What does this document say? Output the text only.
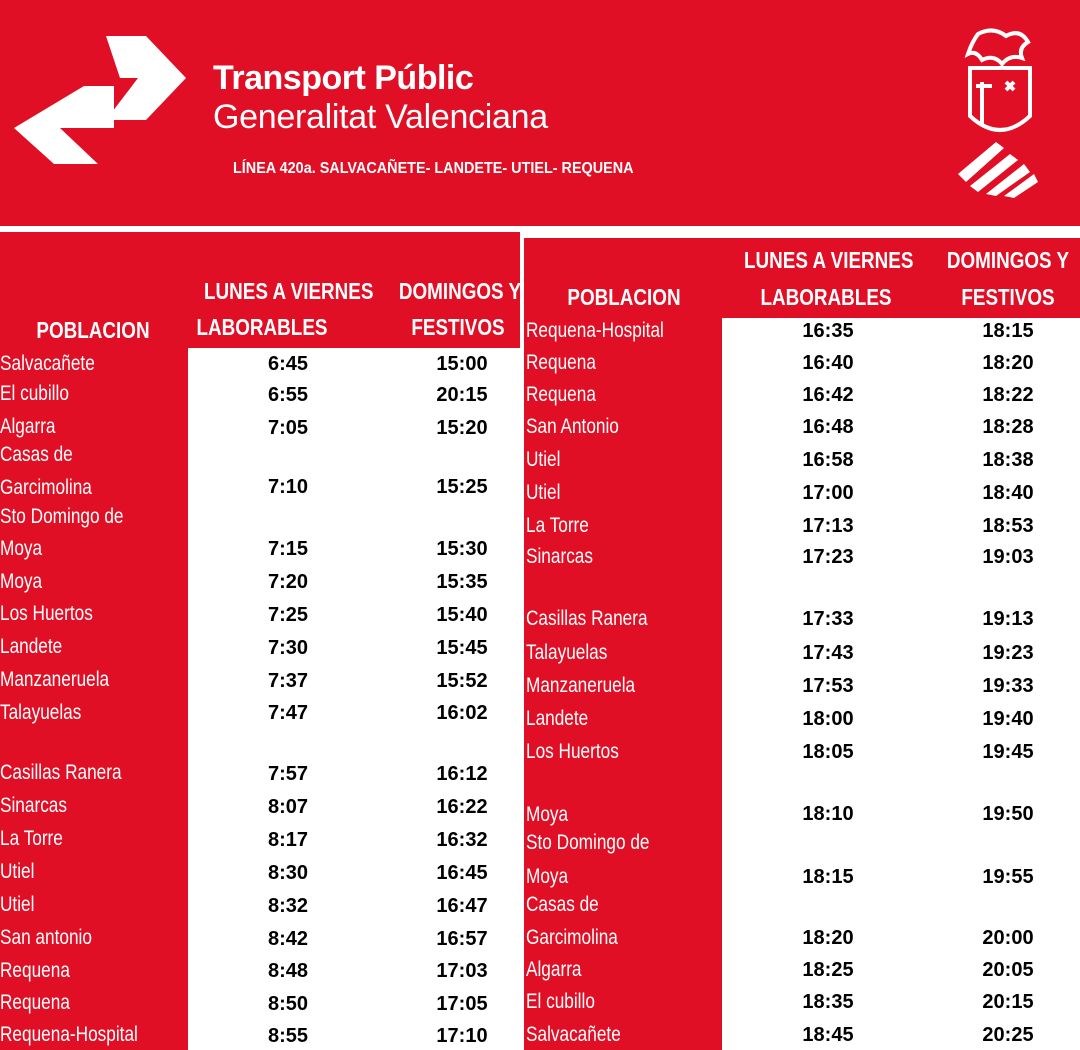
Transport Públic
Generalitat Valenciana
LÍNEA 420a. SALVACAÑETE- LANDETE- UTIEL- REQUENA
LUNES A VIERNES
LABORABLES
DOMINGOS Y
FESTIVOS
POBLACION
Salvacañete	6:45	15:00
El cubillo	6:55	20:15
Algarra	7:05	15:20
Casas de
Garcimolina	7:10	15:25
Sto Domingo de
Moya	7:15	15:30
Moya	7:20	15:35
Los Huertos	7:25	15:40
Landete	7:30	15:45
Manzaneruela	7:37	15:52
Talayuelas	7:47	16:02
Casillas Ranera	7:57	16:12
Sinarcas	8:07	16:22
La Torre	8:17	16:32
Utiel	8:30	16:45
Utiel	8:32	16:47
San antonio	8:42	16:57
Requena	8:48	17:03
Requena	8:50	17:05
Requena-Hospital	8:55	17:10
LUNES A VIERNES
LABORABLES
DOMINGOS Y
FESTIVOS
POBLACION
Requena-Hospital	16:35	18:15
Requena	16:40	18:20
Requena	16:42	18:22
San Antonio	16:48	18:28
Utiel	16:58	18:38
Utiel	17:00	18:40
La Torre	17:13	18:53
Sinarcas	17:23	19:03
Casillas Ranera	17:33	19:13
Talayuelas	17:43	19:23
Manzaneruela	17:53	19:33
Landete	18:00	19:40
Los Huertos	18:05	19:45
Moya	18:10	19:50
Sto Domingo de
Moya	18:15	19:55
Casas de
Garcimolina	18:20	20:00
Algarra	18:25	20:05
El cubillo	18:35	20:15
Salvacañete	18:45	20:25
